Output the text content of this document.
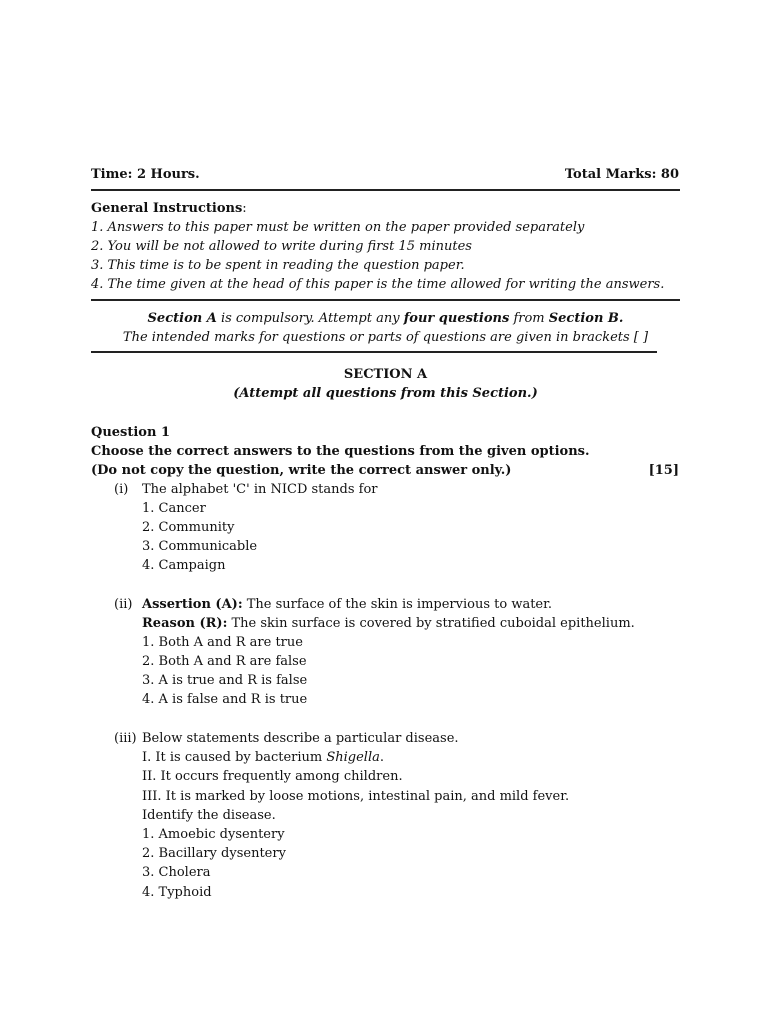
Time: 2 Hours.	Total Marks: 80
General Instructions:
1. Answers to this paper must be written on the paper provided separately
2. You will be not allowed to write during first 15 minutes
3. This time is to be spent in reading the question paper.
4. The time given at the head of this paper is the time allowed for writing the answers.
Section A is compulsory. Attempt any four questions from Section B.
The intended marks for questions or parts of questions are given in brackets [ ]
SECTION A
(Attempt all questions from this Section.)
Question 1
Choose the correct answers to the questions from the given options.
(Do not copy the question, write the correct answer only.)	[15]
(i) The alphabet 'C' in NICD stands for
1. Cancer
2. Community
3. Communicable
4. Campaign
(ii) Assertion (A): The surface of the skin is impervious to water.
Reason (R): The skin surface is covered by stratified cuboidal epithelium.
1. Both A and R are true
2. Both A and R are false
3. A is true and R is false
4. A is false and R is true
(iii) Below statements describe a particular disease.
I. It is caused by bacterium Shigella.
II. It occurs frequently among children.
III. It is marked by loose motions, intestinal pain, and mild fever.
Identify the disease.
1. Amoebic dysentery
2. Bacillary dysentery
3. Cholera
4. Typhoid
